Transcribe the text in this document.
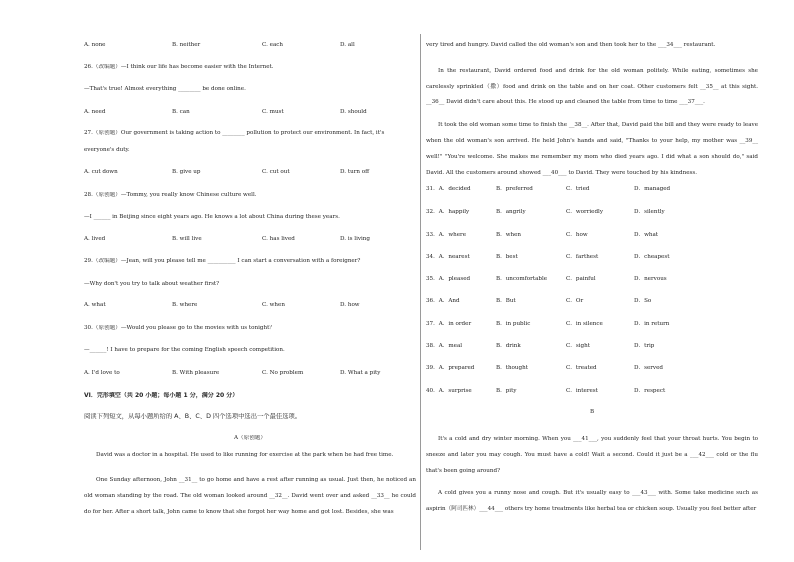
A. none	B. neither	C. each	D. all
26.（改编题）—I think our life has become easier with the Internet.
—That's true! Almost everything ________ be done online.
A. need	B. can	C. must	D. should
27.（原创题）Our government is taking action to ________ pollution to protect our environment. In fact, it's
everyone's duty.
A. cut down	B. give up	C. cut out	D. turn off
28.（原创题）—Tommy, you really know Chinese culture well.
—I ______ in Beijing since eight years ago. He knows a lot about China during these years.
A. lived	B. will live	C. has lived	D. is living
29.（改编题）—Jean, will you please tell me __________ I can start a conversation with a foreigner?
—Why don't you try to talk about weather first?
A. what	B. where	C. when	D. how
30.（原创题）—Would you please go to the movies with us tonight？
—______! I have to prepare for the coming English speech competition.
A. I'd love to	B. With pleasure	C. No problem	D. What a pity
VI．完形填空（共 20 小题；每小题 1 分，满分 20 分）
阅读下列短文，从每小题所给的 A、B、C、D 四个选项中选出一个最佳选项。
A（原创题）
David was a doctor in a hospital. He used to like running for exercise at the park when he had free time.
One Sunday afternoon, John __31__ to go home and have a rest after running as usual. Just then, he noticed an old woman standing by the road. The old woman looked around __32__. David went over and asked __33__ he could do for her. After a short talk, John came to know that she forgot her way home and got lost. Besides, she was
very tired and hungry. David called the old woman's son and then took her to the ___34___ restaurant.
In the restaurant, David ordered food and drink for the old woman politely. While eating, sometimes she carelessly sprinkled（撒）food and drink on the table and on her coat. Other customers felt __35__ at this sight. __36__ David didn't care about this. He stood up and cleaned the table from time to time ___37___.
It took the old woman some time to finish the __38__. After that, David paid the bill and they were ready to leave when the old woman's son arrived. He held John's hands and said, "Thanks to your help, my mother was __39__ well!" "You're welcome. She makes me remember my mom who died years ago. I did what a son should do," said David. All the customers around showed ___40___ to David. They were touched by his kindness.
31．A．decided	B．preferred	C．tried	D．managed
32．A．happily	B．angrily	C．worriedly	D．silently
33．A．where	B．when	C．how	D．what
34．A．nearest	B．best	C．farthest	D．cheapest
35．A．pleased	B．uncomfortable	C．painful	D．nervous
36．A．And	B．But	C．Or	D．So
37．A．in order	B．in public	C．in silence	D．in return
38．A．meal	B．drink	C．sight	D．trip
39．A．prepared	B．thought	C．treated	D．served
40．A．surprise	B．pity	C．interest	D．respect
B
It's a cold and dry winter morning. When you ___41___, you suddenly feel that your throat hurts. You begin to sneeze and later you may cough. You must have a cold! Wait a second. Could it just be a ___42___ cold or the flu that's been going around?
A cold gives you a runny nose and cough. But it's usually easy to ___43___ with. Some take medicine such as aspirin（阿司匹林）___44___ others try home treatments like herbal tea or chicken soup. Usually you feel better after
